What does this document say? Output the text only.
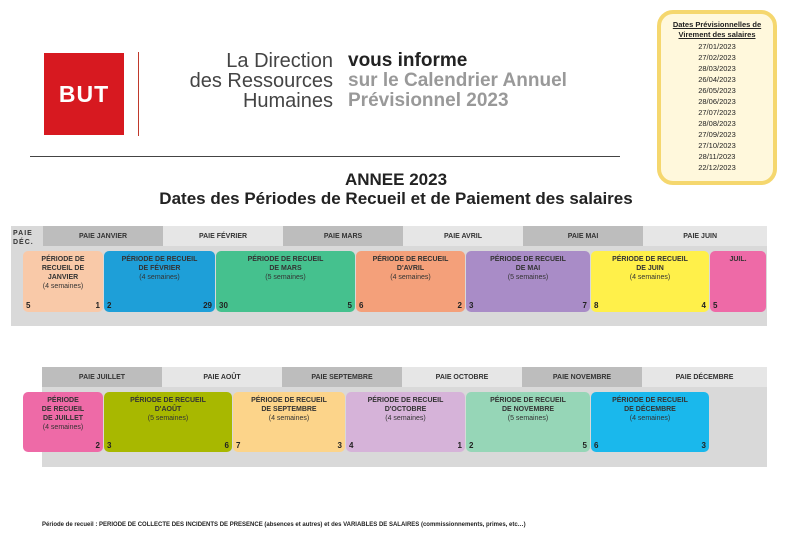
BUT
La Direction
des Ressources
Humaines
vous informe
sur le Calendrier Annuel
Prévisionnel 2023
Dates Prévisionnelles de Virement des salaires
27/01/2023
27/02/2023
28/03/2023
26/04/2023
26/05/2023
28/06/2023
27/07/2023
28/08/2023
27/09/2023
27/10/2023
28/11/2023
22/12/2023
ANNEE 2023
Dates des Périodes de Recueil et de Paiement des salaires
PAIE
DÉC.
PAIE JANVIER	PAIE FÉVRIER	PAIE MARS	PAIE AVRIL	PAIE MAI	PAIE JUIN
PÉRIODE DE
RECUEIL DE
JANVIER
(4 semaines)
5	1
PÉRIODE DE RECUEIL
DE FÉVRIER
(4 semaines)
2	29
PÉRIODE DE RECUEIL
DE MARS
(5 semaines)
30	5
PÉRIODE DE RECUEIL
D'AVRIL
(4 semaines)
6	2
PÉRIODE DE RECUEIL
DE MAI
(5 semaines)
3	7
PÉRIODE DE RECUEIL
DE JUIN
(4 semaines)
8	4
JUIL.
5
PAIE JUILLET	PAIE AOÛT	PAIE SEPTEMBRE	PAIE OCTOBRE	PAIE NOVEMBRE	PAIE DÉCEMBRE
PÉRIODE
DE RECUEIL
DE JUILLET
(4 semaines)
2
PÉRIODE DE RECUEIL
D'AOÛT
(5 semaines)
3	6
PÉRIODE DE RECUEIL
DE SEPTEMBRE
(4 semaines)
7	3
PÉRIODE DE RECUEIL
D'OCTOBRE
(4 semaines)
4	1
PÉRIODE DE RECUEIL
DE NOVEMBRE
(5 semaines)
2	5
PÉRIODE DE RECUEIL
DE DÉCEMBRE
(4 semaines)
6	3
Période de recueil : PERIODE DE COLLECTE DES INCIDENTS DE PRESENCE (absences et autres) et des VARIABLES DE SALAIRES (commissionnements, primes, etc…)
